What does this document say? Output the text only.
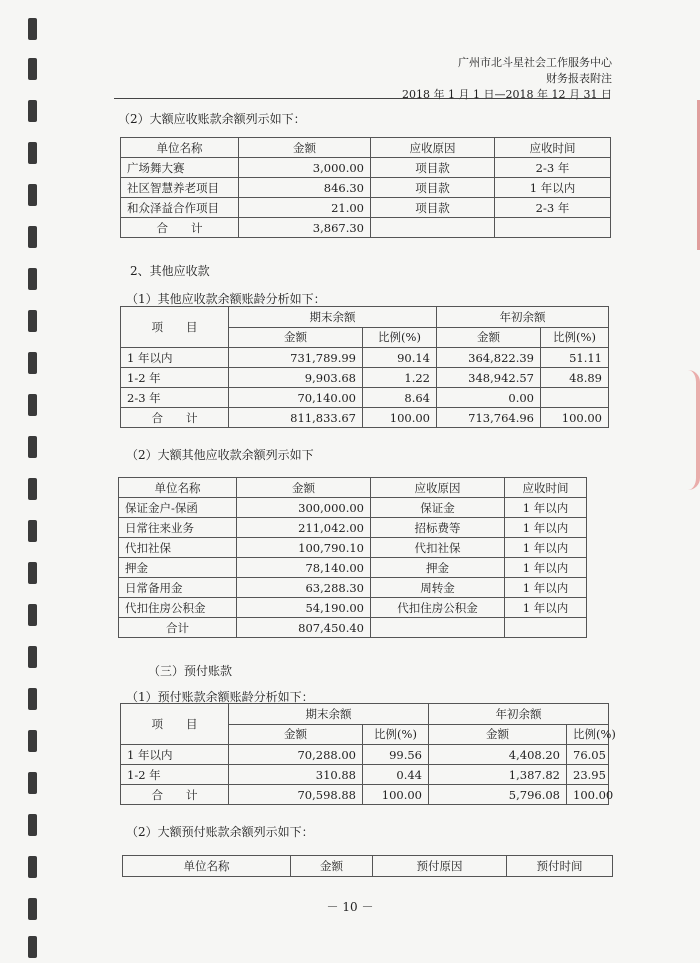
广州市北斗星社会工作服务中心
财务报表附注
2018 年 1 月 1 日—2018 年 12 月 31 日
（2）大额应收账款余额列示如下：
单位名称	金额	应收原因	应收时间
广场舞大赛	3,000.00	项目款	2-3 年
社区智慧养老项目	846.30	项目款	1 年以内
和众泽益合作项目	21.00	项目款	2-3 年
合　　计	3,867.30		
2、其他应收款
（1）其他应收款余额账龄分析如下：
项　　目	期末余额		年初余额	
	金额	比例(%)	金额	比例(%)
1 年以内	731,789.99	90.14	364,822.39	51.11
1-2 年	9,903.68	1.22	348,942.57	48.89
2-3 年	70,140.00	8.64	0.00	
合　　计	811,833.67	100.00	713,764.96	100.00
（2）大额其他应收款余额列示如下
单位名称	金额	应收原因	应收时间
保证金户-保函	300,000.00	保证金	1 年以内
日常往来业务	211,042.00	招标费等	1 年以内
代扣社保	100,790.10	代扣社保	1 年以内
押金	78,140.00	押金	1 年以内
日常备用金	63,288.30	周转金	1 年以内
代扣住房公积金	54,190.00	代扣住房公积金	1 年以内
合计	807,450.40		
（三）预付账款
（1）预付账款余额账龄分析如下：
项　　目	期末余额		年初余额	
	金额	比例(%)	金额	比例(%)
1 年以内	70,288.00	99.56	4,408.20	76.05
1-2 年	310.88	0.44	1,387.82	23.95
合　　计	70,598.88	100.00	5,796.08	100.00
（2）大额预付账款余额列示如下：
单位名称	金额	预付原因	预付时间
－ 10 －
